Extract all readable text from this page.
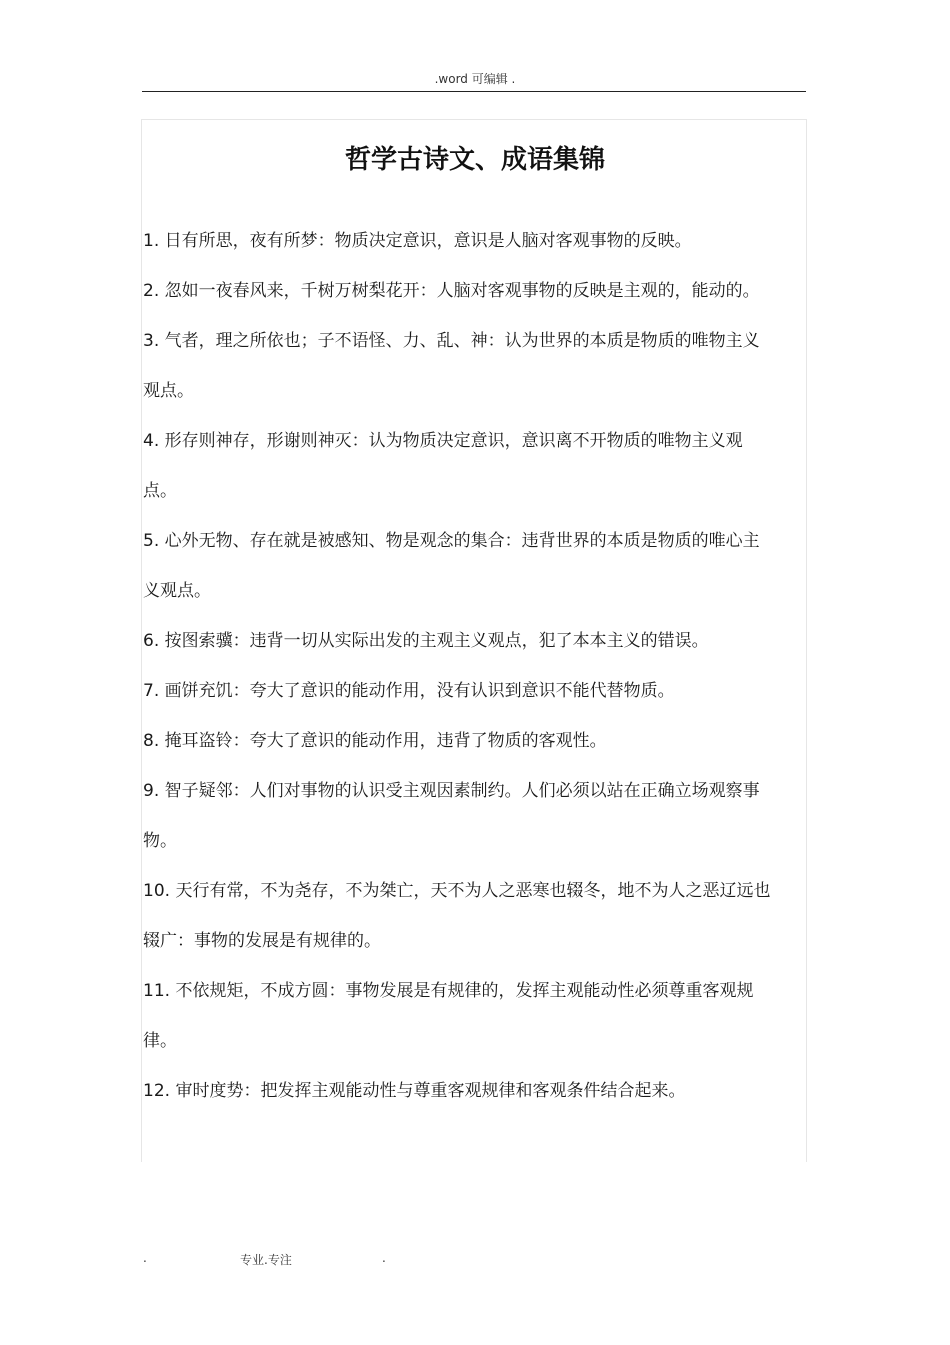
.word 可编辑 .
哲学古诗文、成语集锦

1. 日有所思，夜有所梦：物质决定意识，意识是人脑对客观事物的反映。

2. 忽如一夜春风来，千树万树梨花开：人脑对客观事物的反映是主观的，能动的。

3. 气者，理之所依也；子不语怪、力、乱、神：认为世界的本质是物质的唯物主义观点。

4. 形存则神存，形谢则神灭：认为物质决定意识，意识离不开物质的唯物主义观点。

5. 心外无物、存在就是被感知、物是观念的集合：违背世界的本质是物质的唯心主义观点。

6. 按图索骥：违背一切从实际出发的主观主义观点，犯了本本主义的错误。

7. 画饼充饥：夸大了意识的能动作用，没有认识到意识不能代替物质。

8. 掩耳盗铃：夸大了意识的能动作用，违背了物质的客观性。

9. 智子疑邻：人们对事物的认识受主观因素制约。人们必须以站在正确立场观察事物。

10. 天行有常，不为尧存，不为桀亡，天不为人之恶寒也辍冬，地不为人之恶辽远也辍广：事物的发展是有规律的。

11. 不依规矩，不成方圆：事物发展是有规律的，发挥主观能动性必须尊重客观规律。

12. 审时度势：把发挥主观能动性与尊重客观规律和客观条件结合起来。

.	专业.专注	.
